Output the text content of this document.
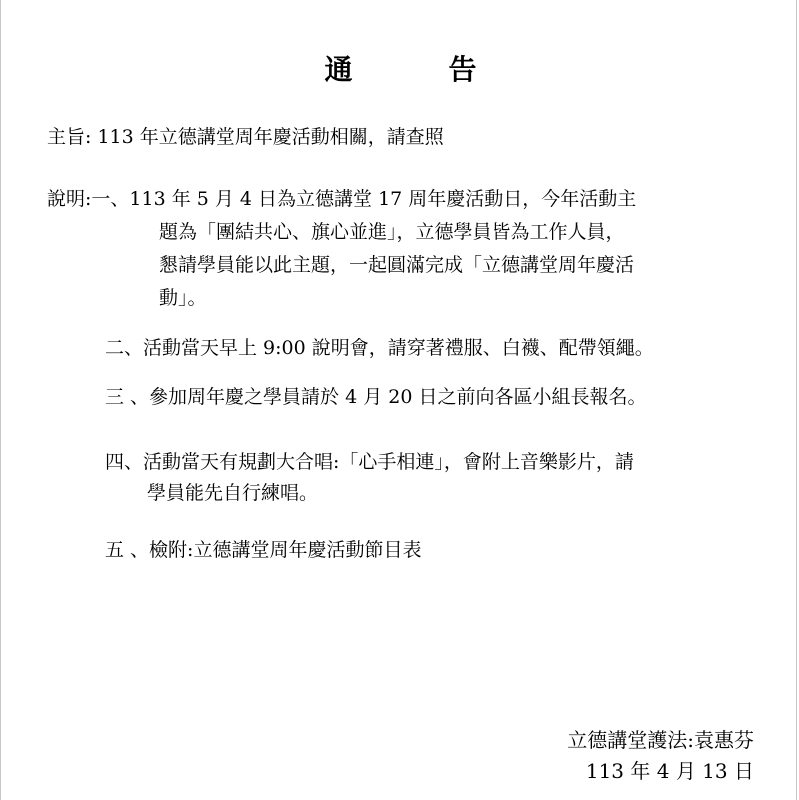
通	告
主旨: 113 年立德講堂周年慶活動相關，請查照
說明:一、113 年 5 月 4 日為立德講堂 17 周年慶活動日，今年活動主
題為「團結共心、旗心並進」，立德學員皆為工作人員，
懇請學員能以此主題，一起圓滿完成「立德講堂周年慶活
動」。
二、活動當天早上 9:00 說明會，請穿著禮服、白襪、配帶領繩。
三 、參加周年慶之學員請於 4 月 20 日之前向各區小組長報名。
四、活動當天有規劃大合唱:「心手相連」，會附上音樂影片，請
學員能先自行練唱。
五 、檢附:立德講堂周年慶活動節目表
立德講堂護法:袁惠芬
113 年 4 月 13 日
